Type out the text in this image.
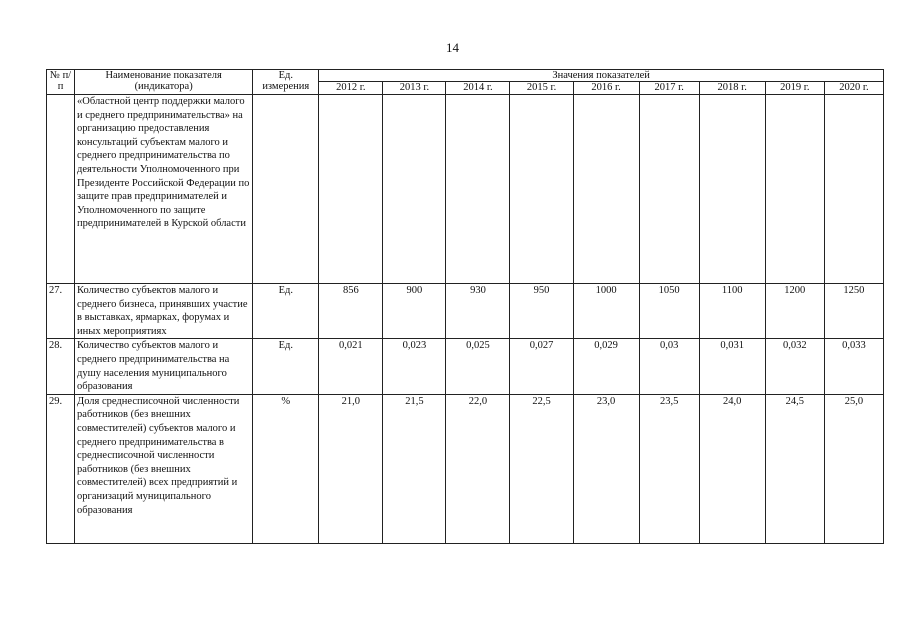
14
№ п/п	Наименование показателя (индикатора)	Ед. измерения	Значения показателей								
			2012 г.	2013 г.	2014 г.	2015 г.	2016 г.	2017 г.	2018 г.	2019 г.	2020 г.
	«Областной центр поддержки малого и среднего предпринимательства» на организацию предоставления консультаций субъектам малого и среднего предпринимательства по деятельности Уполномоченного при Президенте Российской Федерации по защите прав предпринимателей и Уполномоченного по защите предпринимателей в Курской области										
27.	Количество субъектов малого и среднего бизнеса, принявших участие в выставках, ярмарках, форумах и иных мероприятиях	Ед.	856	900	930	950	1000	1050	1100	1200	1250
28.	Количество субъектов малого и среднего предпринимательства на душу населения муниципального образования	Ед.	0,021	0,023	0,025	0,027	0,029	0,03	0,031	0,032	0,033
29.	Доля среднесписочной численности работников (без внешних совместителей) субъектов малого и среднего предпринимательства в среднесписочной численности работников (без внешних совместителей) всех предприятий и организаций муниципального образования	%	21,0	21,5	22,0	22,5	23,0	23,5	24,0	24,5	25,0
